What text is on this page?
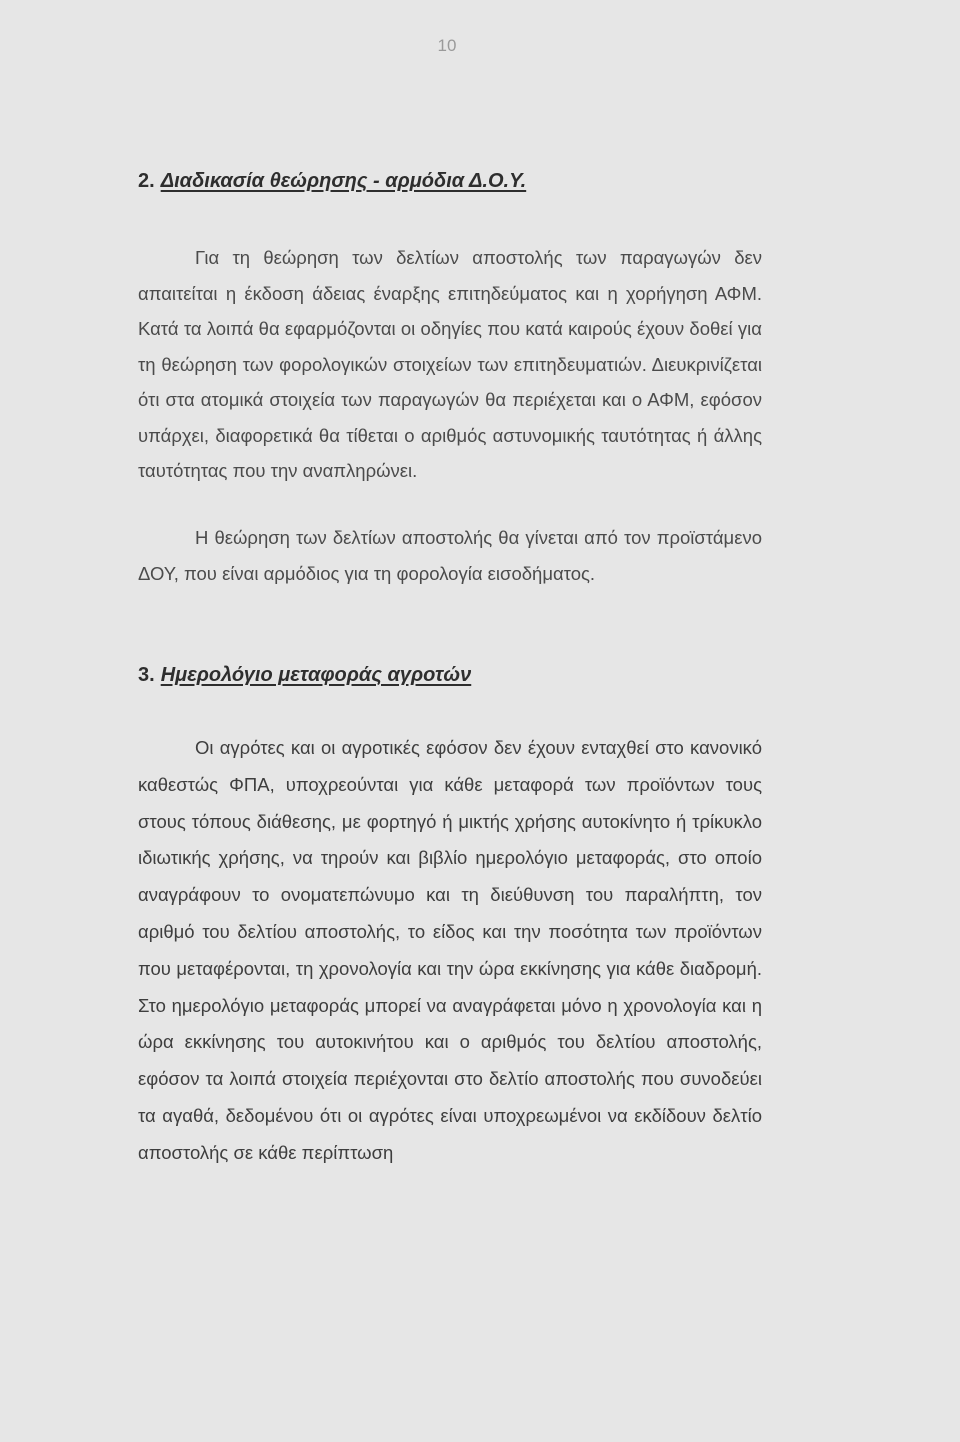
10
2. Διαδικασία θεώρησης - αρμόδια Δ.Ο.Υ.

Για τη θεώρηση των δελτίων αποστολής των παραγωγών δεν απαιτείται η έκδοση άδειας έναρξης επιτηδεύματος και η χορήγηση ΑΦΜ. Κατά τα λοιπά θα εφαρμόζονται οι οδηγίες που κατά καιρούς έχουν δοθεί για τη θεώρηση των φορολογικών στοιχείων των επιτηδευματιών. Διευκρινίζεται ότι στα ατομικά στοιχεία των παραγωγών θα περιέχεται και ο ΑΦΜ, εφόσον υπάρχει, διαφορετικά θα τίθεται ο αριθμός αστυνομικής ταυτότητας ή άλλης ταυτότητας που την αναπληρώνει.

Η θεώρηση των δελτίων αποστολής θα γίνεται από τον προϊστάμενο ΔΟΥ, που είναι αρμόδιος για τη φορολογία εισοδήματος.

3. Ημερολόγιο μεταφοράς αγροτών

Οι αγρότες και οι αγροτικές εφόσον δεν έχουν ενταχθεί στο κανονικό καθεστώς ΦΠΑ, υποχρεούνται για κάθε μεταφορά των προϊόντων τους στους τόπους διάθεσης, με φορτηγό ή μικτής χρήσης αυτοκίνητο ή τρίκυκλο ιδιωτικής χρήσης, να τηρούν και βιβλίο ημερολόγιο μεταφοράς, στο οποίο αναγράφουν το ονοματεπώνυμο και τη διεύθυνση του παραλήπτη, τον αριθμό του δελτίου αποστολής, το είδος και την ποσότητα των προϊόντων που μεταφέρονται, τη χρονολογία και την ώρα εκκίνησης για κάθε διαδρομή. Στο ημερολόγιο μεταφοράς μπορεί να αναγράφεται μόνο η χρονολογία και η ώρα εκκίνησης του αυτοκινήτου και ο αριθμός του δελτίου αποστολής, εφόσον τα λοιπά στοιχεία περιέχονται στο δελτίο αποστολής που συνοδεύει τα αγαθά, δεδομένου ότι οι αγρότες είναι υποχρεωμένοι να εκδίδουν δελτίο αποστολής σε κάθε περίπτωση
